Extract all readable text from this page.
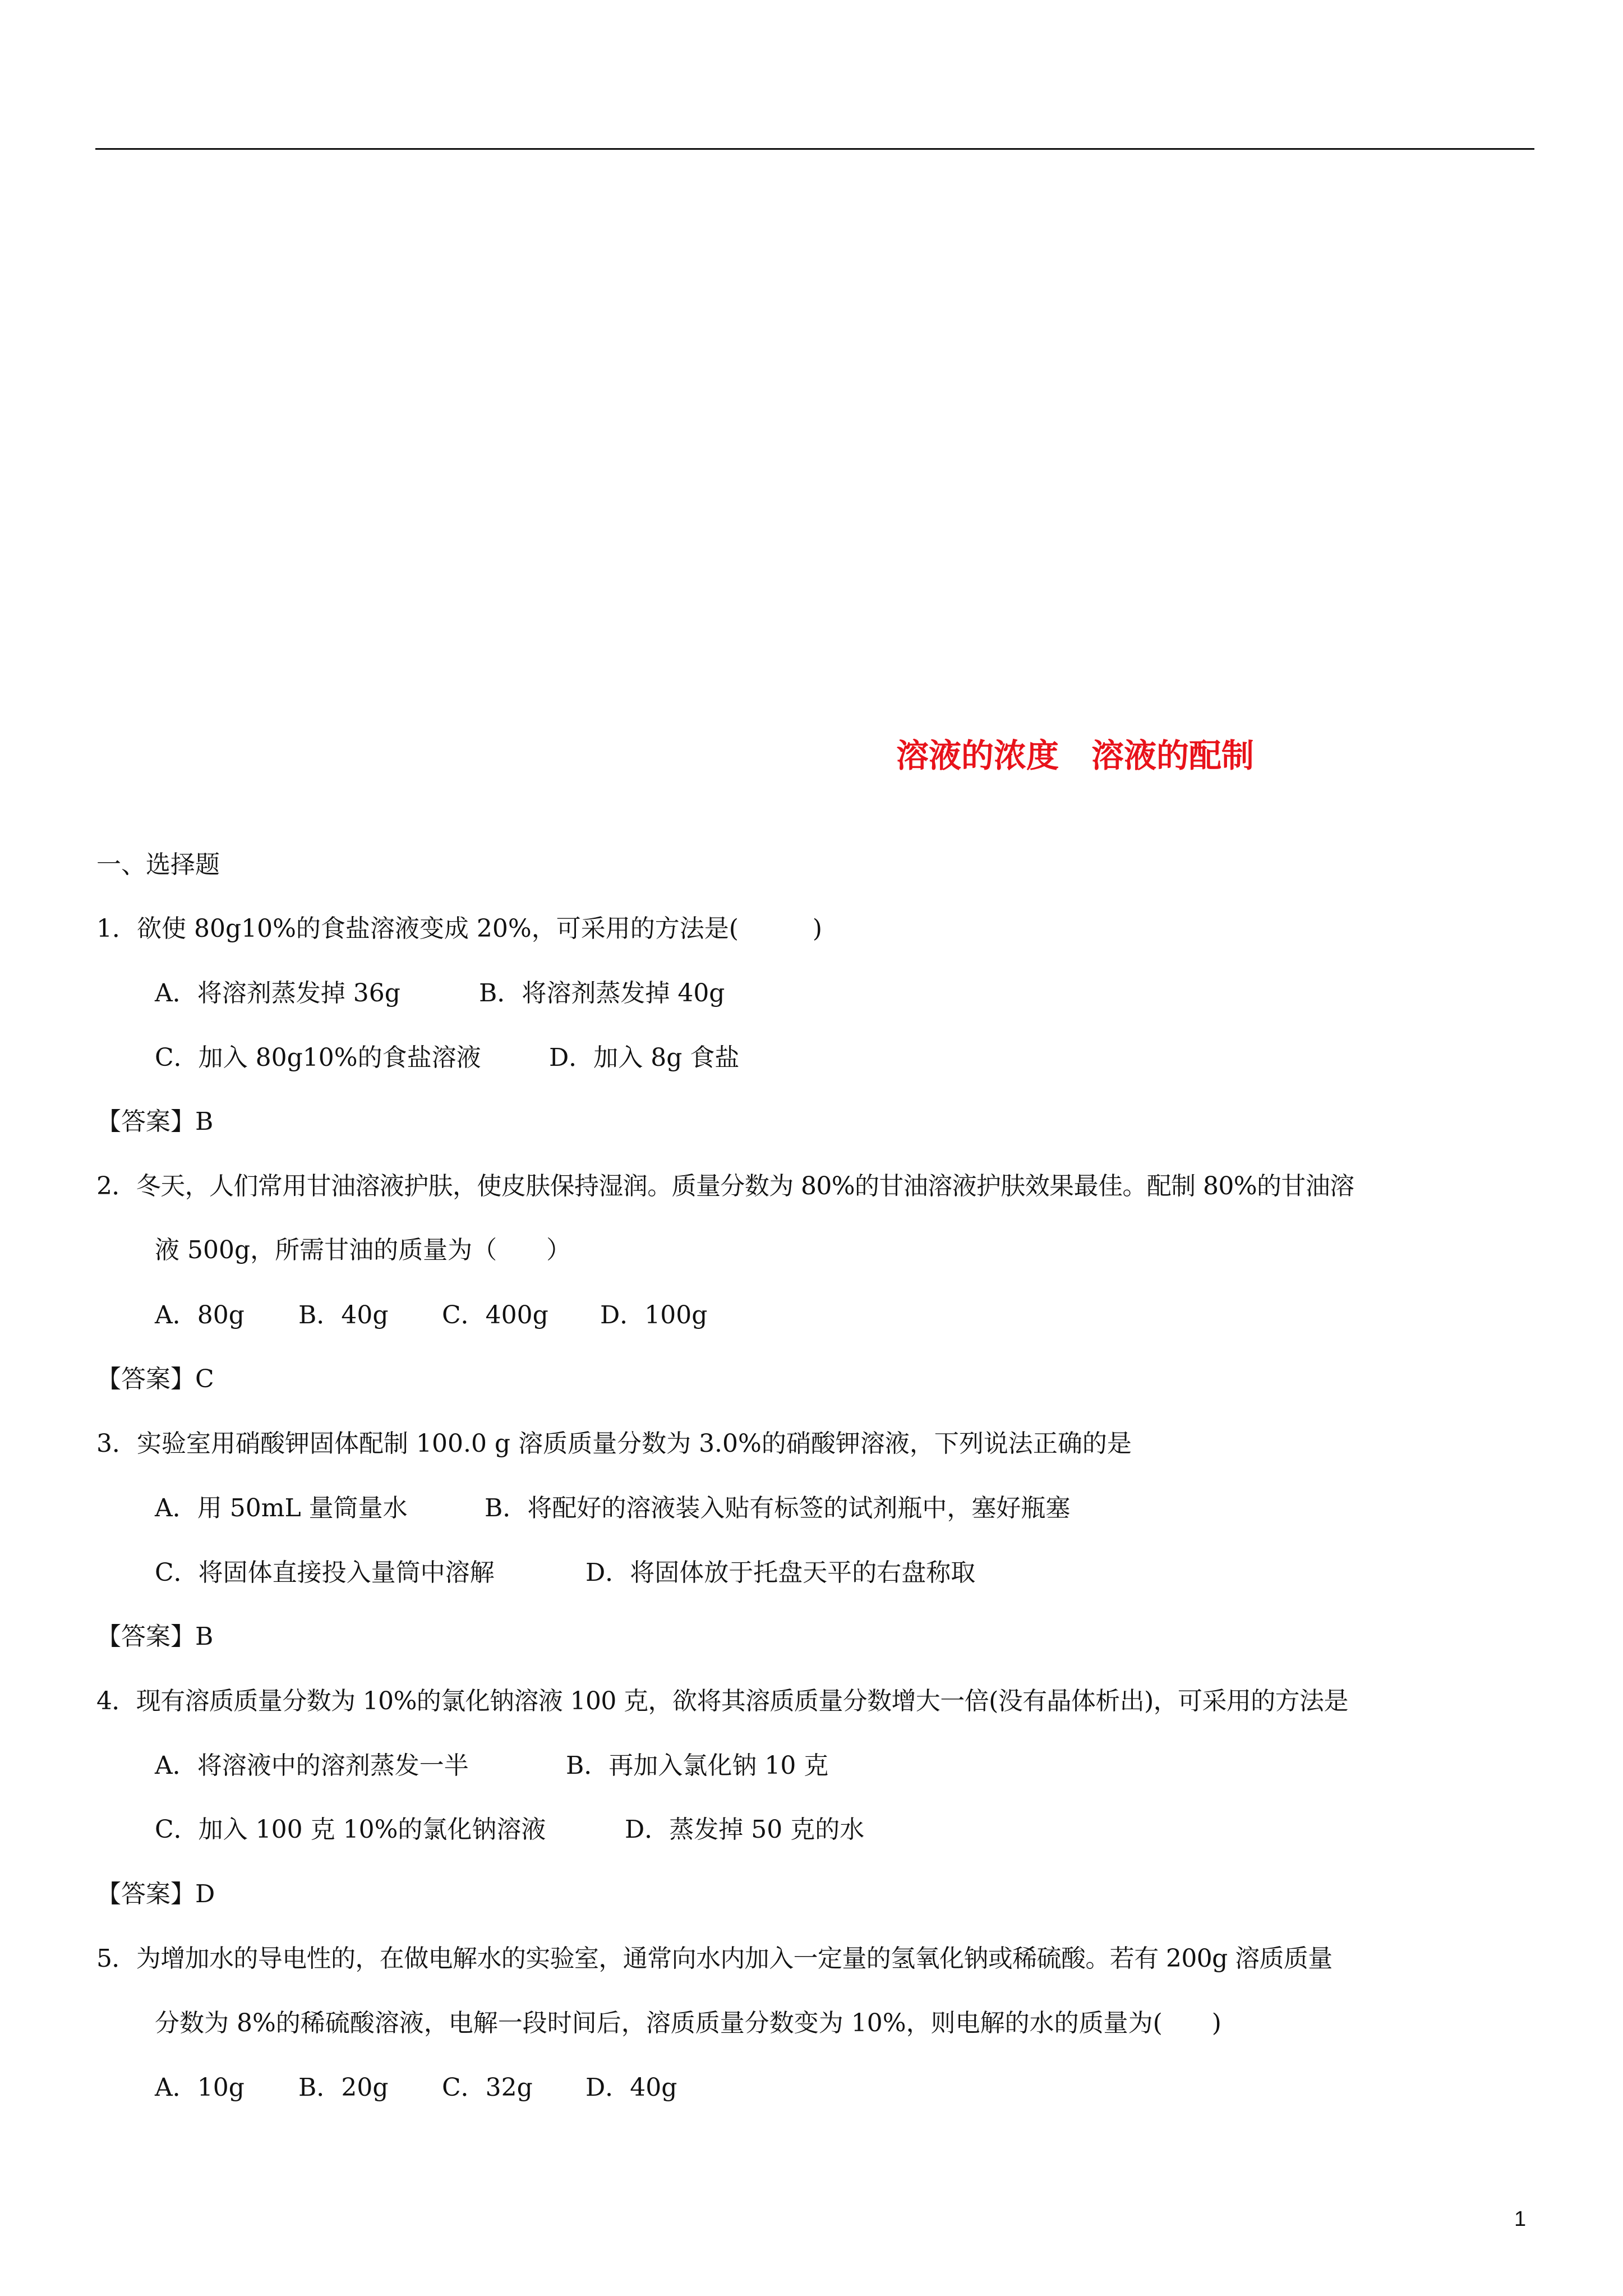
溶液的浓度　溶液的配制
一、选择题
1．欲使 80g10%的食盐溶液变成 20%，可采用的方法是(　　　)
A．将溶剂蒸发掉 36g	B．将溶剂蒸发掉 40g
C．加入 80g10%的食盐溶液	D．加入 8g 食盐
【答案】B
2．冬天，人们常用甘油溶液护肤，使皮肤保持湿润。质量分数为 80%的甘油溶液护肤效果最佳。配制 80%的甘油溶
液 500g，所需甘油的质量为（　　）
A．80g	B．40g	C．400g	D．100g
【答案】C
3．实验室用硝酸钾固体配制 100.0 g 溶质质量分数为 3.0%的硝酸钾溶液，下列说法正确的是
A．用 50mL 量筒量水	B．将配好的溶液装入贴有标签的试剂瓶中，塞好瓶塞
C．将固体直接投入量筒中溶解	D．将固体放于托盘天平的右盘称取
【答案】B
4．现有溶质质量分数为 10%的氯化钠溶液 100 克，欲将其溶质质量分数增大一倍(没有晶体析出)，可采用的方法是
A．将溶液中的溶剂蒸发一半	B．再加入氯化钠 10 克
C．加入 100 克 10%的氯化钠溶液	D．蒸发掉 50 克的水
【答案】D
5．为增加水的导电性的，在做电解水的实验室，通常向水内加入一定量的氢氧化钠或稀硫酸。若有 200g 溶质质量
分数为 8%的稀硫酸溶液，电解一段时间后，溶质质量分数变为 10%，则电解的水的质量为(　　)
A．10g	B．20g	C．32g	D．40g
1
